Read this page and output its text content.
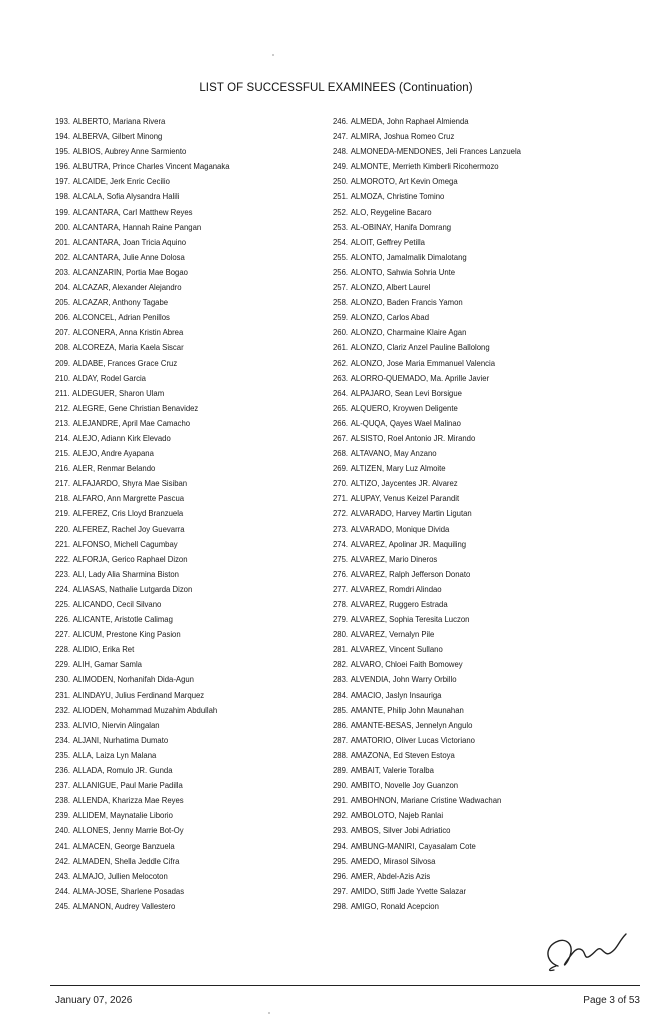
LIST OF SUCCESSFUL EXAMINEES (Continuation)
193. ALBERTO, Mariana Rivera
194. ALBERVA, Gilbert Minong
195. ALBIOS, Aubrey Anne Sarmiento
196. ALBUTRA, Prince Charles Vincent Maganaka
197. ALCAIDE, Jerk Enric Cecilio
198. ALCALA, Sofia Alysandra Halili
199. ALCANTARA, Carl Matthew Reyes
200. ALCANTARA, Hannah Raine Pangan
201. ALCANTARA, Joan Tricia Aquino
202. ALCANTARA, Julie Anne Dolosa
203. ALCANZARIN, Portia Mae Bogao
204. ALCAZAR, Alexander Alejandro
205. ALCAZAR, Anthony Tagabe
206. ALCONCEL, Adrian Penillos
207. ALCONERA, Anna Kristin Abrea
208. ALCOREZA, Maria Kaela Siscar
209. ALDABE, Frances Grace Cruz
210. ALDAY, Rodel Garcia
211. ALDEGUER, Sharon Ulam
212. ALEGRE, Gene Christian Benavidez
213. ALEJANDRE, April Mae Camacho
214. ALEJO, Adiann Kirk Elevado
215. ALEJO, Andre Ayapana
216. ALER, Renmar Belando
217. ALFAJARDO, Shyra Mae Sisiban
218. ALFARO, Ann Margrette Pascua
219. ALFEREZ, Cris Lloyd Branzuela
220. ALFEREZ, Rachel Joy Guevarra
221. ALFONSO, Michell Cagumbay
222. ALFORJA, Gerico Raphael Dizon
223. ALI, Lady Alia Sharmina Biston
224. ALIASAS, Nathalie Lutgarda Dizon
225. ALICANDO, Cecil Silvano
226. ALICANTE, Aristotle Calimag
227. ALICUM, Prestone King Pasion
228. ALIDIO, Erika Ret
229. ALIH, Gamar Samla
230. ALIMODEN, Norhanifah Dida-Agun
231. ALINDAYU, Julius Ferdinand Marquez
232. ALIODEN, Mohammad Muzahim Abdullah
233. ALIVIO, Niervin Alingalan
234. ALJANI, Nurhatima Dumato
235. ALLA, Laiza Lyn Malana
236. ALLADA, Romulo JR. Gunda
237. ALLANIGUE, Paul Marie Padilla
238. ALLENDA, Kharizza Mae Reyes
239. ALLIDEM, Maynatalie Liborio
240. ALLONES, Jenny Marrie Bot-Oy
241. ALMACEN, George Banzuela
242. ALMADEN, Shella Jeddle Cifra
243. ALMAJO, Jullien Melocoton
244. ALMA-JOSE, Sharlene Posadas
245. ALMANON, Audrey Vallestero
246. ALMEDA, John Raphael Almienda
247. ALMIRA, Joshua Romeo Cruz
248. ALMONEDA-MENDONES, Jeli Frances Lanzuela
249. ALMONTE, Merrieth Kimberli Ricohermozo
250. ALMOROTO, Art Kevin Omega
251. ALMOZA, Christine Tomino
252. ALO, Reygeline Bacaro
253. AL-OBINAY, Hanifa Domrang
254. ALOIT, Geffrey Petilla
255. ALONTO, Jamalmalik Dimalotang
256. ALONTO, Sahwia Sohria Unte
257. ALONZO, Albert Laurel
258. ALONZO, Baden Francis Yamon
259. ALONZO, Carlos Abad
260. ALONZO, Charmaine Klaire Agan
261. ALONZO, Clariz Anzel Pauline Ballolong
262. ALONZO, Jose Maria Emmanuel Valencia
263. ALORRO-QUEMADO, Ma. Aprille Javier
264. ALPAJARO, Sean Levi Borsigue
265. ALQUERO, Kroywen Deligente
266. AL-QUQA, Qayes Wael Malinao
267. ALSISTO, Roel Antonio JR. Mirando
268. ALTAVANO, May Anzano
269. ALTIZEN, Mary Luz Almoite
270. ALTIZO, Jaycentes JR. Alvarez
271. ALUPAY, Venus Keizel Parandit
272. ALVARADO, Harvey Martin Ligutan
273. ALVARADO, Monique Divida
274. ALVAREZ, Apolinar JR. Maquiling
275. ALVAREZ, Mario Dineros
276. ALVAREZ, Ralph Jefferson Donato
277. ALVAREZ, Romdri Alindao
278. ALVAREZ, Ruggero Estrada
279. ALVAREZ, Sophia Teresita Luczon
280. ALVAREZ, Vernalyn Pile
281. ALVAREZ, Vincent Sullano
282. ALVARO, Chloei Faith Bomowey
283. ALVENDIA, John Warry Orbillo
284. AMACIO, Jaslyn Insauriga
285. AMANTE, Philip John Maunahan
286. AMANTE-BESAS, Jennelyn Angulo
287. AMATORIO, Oliver Lucas Victoriano
288. AMAZONA, Ed Steven Estoya
289. AMBAIT, Valerie Toralba
290. AMBITO, Novelle Joy Guanzon
291. AMBOHNON, Mariane Cristine Wadwachan
292. AMBOLOTO, Najeb Ranlai
293. AMBOS, Silver Jobi Adriatico
294. AMBUNG-MANIRI, Cayasalam Cote
295. AMEDO, Mirasol Silvosa
296. AMER, Abdel-Azis Azis
297. AMIDO, Stiffi Jade Yvette Salazar
298. AMIGO, Ronald Acepcion
January 07, 2026	Page 3 of 53
